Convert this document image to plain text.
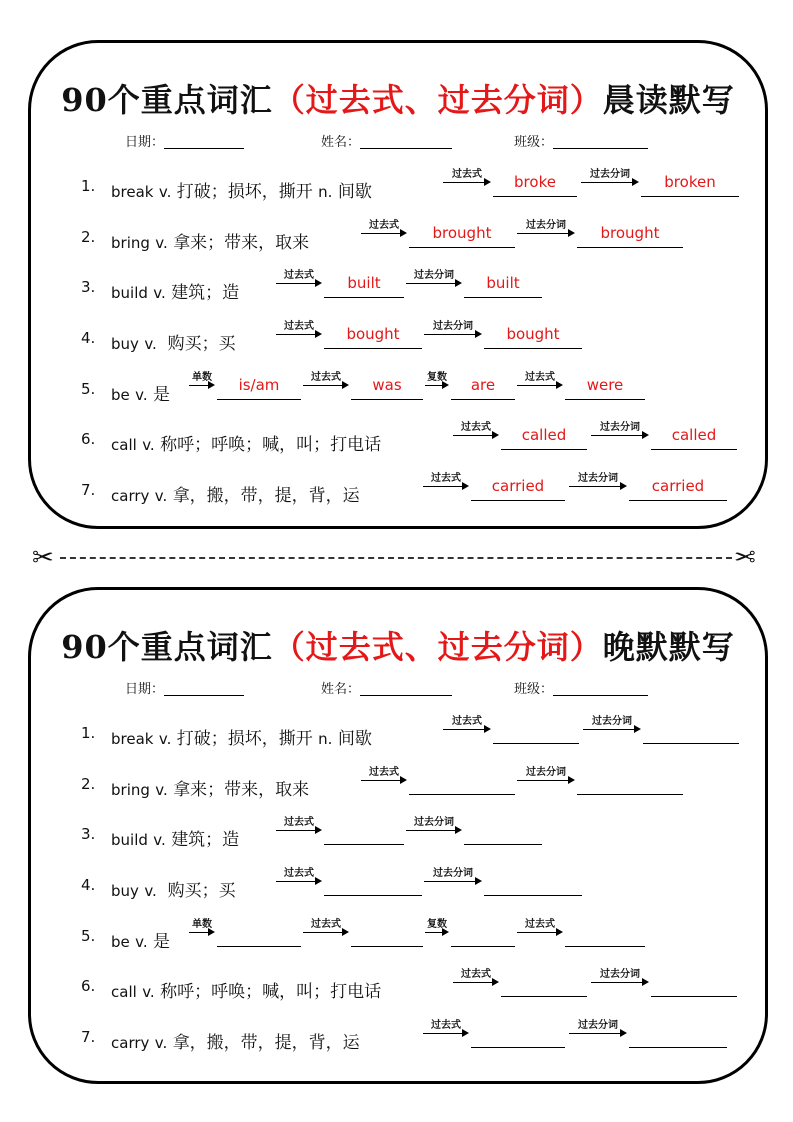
90个重点词汇（过去式、过去分词）晨读默写
日期：	姓名：	班级：
1. break v. 打破；损坏，撕开 n. 间歇
过去式	broke	过去分词	broken
2. bring v. 拿来；带来，取来
过去式	brought	过去分词	brought
3. build v. 建筑；造
过去式	built	过去分词	built
4. buy v. 购买；买
过去式	bought	过去分词	bought
5. be v. 是
单数	is/am	过去式	was	复数	are	过去式	were
6. call v. 称呼；呼唤；喊，叫；打电话
过去式	called	过去分词	called
7. carry v. 拿，搬，带，提，背，运
过去式	carried	过去分词	carried
✂	✂
90个重点词汇（过去式、过去分词）晚默默写
日期：	姓名：	班级：
1. break v. 打破；损坏，撕开 n. 间歇
过去式	过去分词
2. bring v. 拿来；带来，取来
过去式	过去分词
3. build v. 建筑；造
过去式	过去分词
4. buy v. 购买；买
过去式	过去分词
5. be v. 是
单数	过去式	复数	过去式
6. call v. 称呼；呼唤；喊，叫；打电话
过去式	过去分词
7. carry v. 拿，搬，带，提，背，运
过去式	过去分词
